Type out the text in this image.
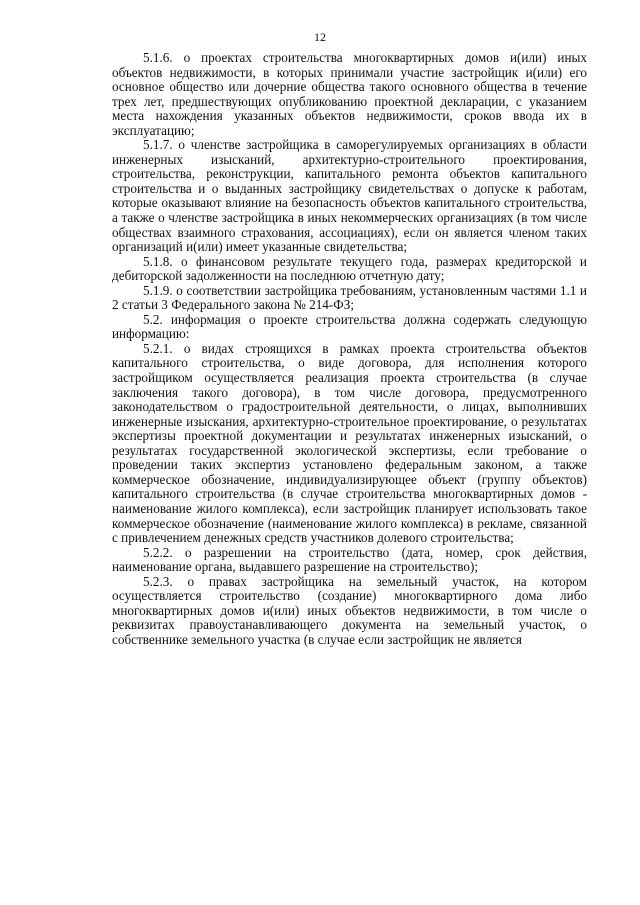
12

5.1.6. о проектах строительства многоквартирных домов и(или) иных объектов недвижимости, в которых принимали участие застройщик и(или) его основное общество или дочерние общества такого основного общества в течение трех лет, предшествующих опубликованию проектной декларации, с указанием места нахождения указанных объектов недвижимости, сроков ввода их в эксплуатацию;

5.1.7. о членстве застройщика в саморегулируемых организациях в области инженерных изысканий, архитектурно-строительного проектирования, строительства, реконструкции, капитального ремонта объектов капитального строительства и о выданных застройщику свидетельствах о допуске к работам, которые оказывают влияние на безопасность объектов капитального строительства, а также о членстве застройщика в иных некоммерческих организациях (в том числе обществах взаимного страхования, ассоциациях), если он является членом таких организаций и(или) имеет указанные свидетельства;

5.1.8. о финансовом результате текущего года, размерах кредиторской и дебиторской задолженности на последнюю отчетную дату;

5.1.9. о соответствии застройщика требованиям, установленным частями 1.1 и 2 статьи 3 Федерального закона № 214-ФЗ;

5.2. информация о проекте строительства должна содержать следующую информацию:

5.2.1. о видах строящихся в рамках проекта строительства объектов капитального строительства, о виде договора, для исполнения которого застройщиком осуществляется реализация проекта строительства (в случае заключения такого договора), в том числе договора, предусмотренного законодательством о градостроительной деятельности, о лицах, выполнивших инженерные изыскания, архитектурно-строительное проектирование, о результатах экспертизы проектной документации и результатах инженерных изысканий, о результатах государственной экологической экспертизы, если требование о проведении таких экспертиз установлено федеральным законом, а также коммерческое обозначение, индивидуализирующее объект (группу объектов) капитального строительства (в случае строительства многоквартирных домов - наименование жилого комплекса), если застройщик планирует использовать такое коммерческое обозначение (наименование жилого комплекса) в рекламе, связанной с привлечением денежных средств участников долевого строительства;

5.2.2. о разрешении на строительство (дата, номер, срок действия, наименование органа, выдавшего разрешение на строительство);

5.2.3. о правах застройщика на земельный участок, на котором осуществляется строительство (создание) многоквартирного дома либо многоквартирных домов и(или) иных объектов недвижимости, в том числе о реквизитах правоустанавливающего документа на земельный участок, о собственнике земельного участка (в случае если застройщик не является
